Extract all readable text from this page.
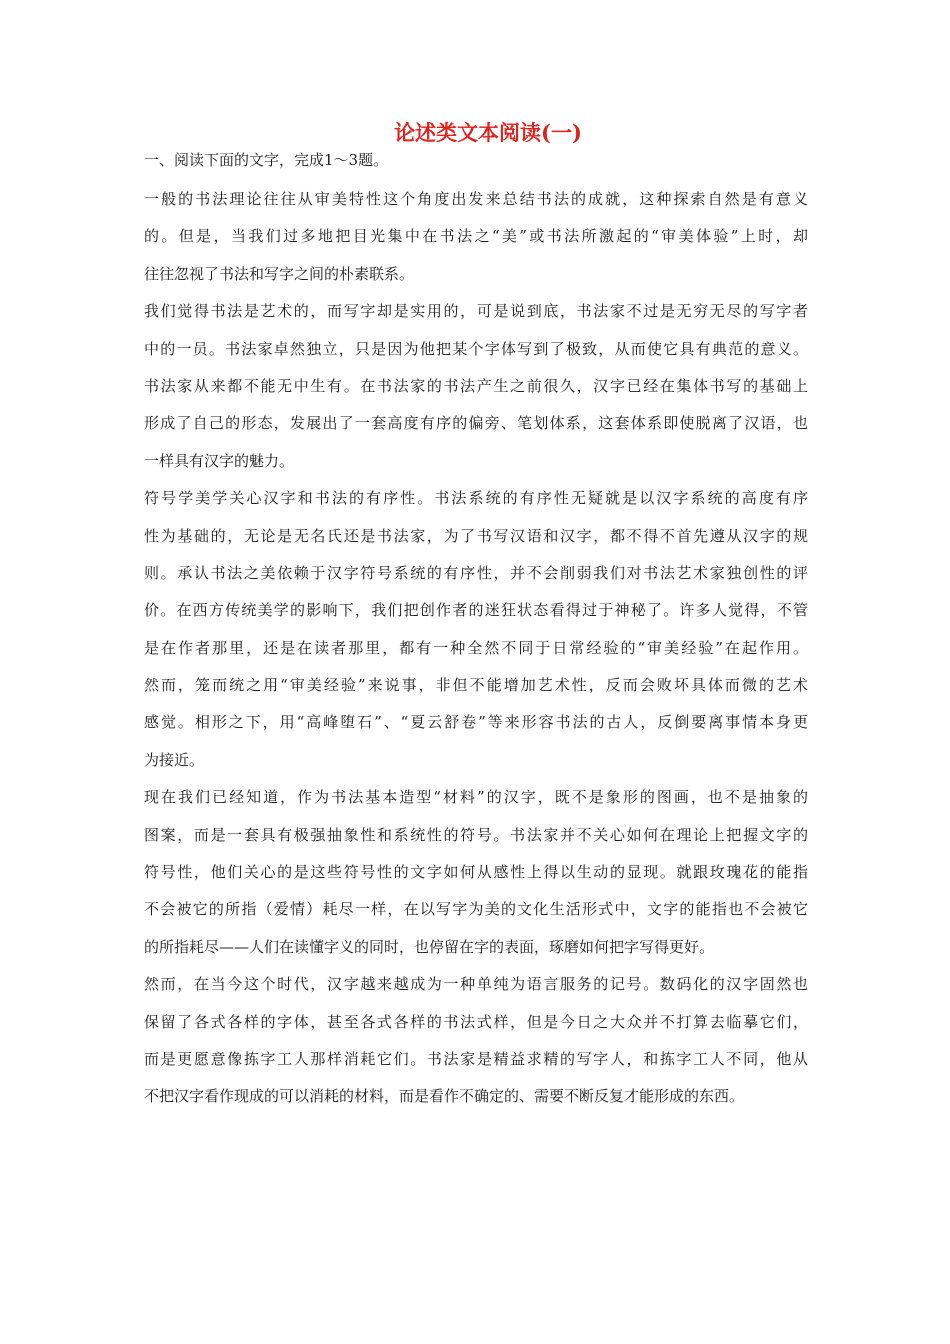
论述类文本阅读(一)

一、阅读下面的文字，完成1～3题。

一般的书法理论往往从审美特性这个角度出发来总结书法的成就，这种探索自然是有意义
的。但是，当我们过多地把目光集中在书法之“美”或书法所激起的“审美体验”上时，却
往往忽视了书法和写字之间的朴素联系。
我们觉得书法是艺术的，而写字却是实用的，可是说到底，书法家不过是无穷无尽的写字者
中的一员。书法家卓然独立，只是因为他把某个字体写到了极致，从而使它具有典范的意义。
书法家从来都不能无中生有。在书法家的书法产生之前很久，汉字已经在集体书写的基础上
形成了自己的形态，发展出了一套高度有序的偏旁、笔划体系，这套体系即使脱离了汉语，也
一样具有汉字的魅力。
符号学美学关心汉字和书法的有序性。书法系统的有序性无疑就是以汉字系统的高度有序
性为基础的，无论是无名氏还是书法家，为了书写汉语和汉字，都不得不首先遵从汉字的规
则。承认书法之美依赖于汉字符号系统的有序性，并不会削弱我们对书法艺术家独创性的评
价。在西方传统美学的影响下，我们把创作者的迷狂状态看得过于神秘了。许多人觉得，不管
是在作者那里，还是在读者那里，都有一种全然不同于日常经验的“审美经验”在起作用。
然而，笼而统之用“审美经验”来说事，非但不能增加艺术性，反而会败坏具体而微的艺术
感觉。相形之下，用“高峰堕石”、“夏云舒卷”等来形容书法的古人，反倒要离事情本身更
为接近。
现在我们已经知道，作为书法基本造型“材料”的汉字，既不是象形的图画，也不是抽象的
图案，而是一套具有极强抽象性和系统性的符号。书法家并不关心如何在理论上把握文字的
符号性，他们关心的是这些符号性的文字如何从感性上得以生动的显现。就跟玫瑰花的能指
不会被它的所指（爱情）耗尽一样，在以写字为美的文化生活形式中，文字的能指也不会被它
的所指耗尽——人们在读懂字义的同时，也停留在字的表面，琢磨如何把字写得更好。
然而，在当今这个时代，汉字越来越成为一种单纯为语言服务的记号。数码化的汉字固然也
保留了各式各样的字体，甚至各式各样的书法式样，但是今日之大众并不打算去临摹它们，
而是更愿意像拣字工人那样消耗它们。书法家是精益求精的写字人，和拣字工人不同，他从
不把汉字看作现成的可以消耗的材料，而是看作不确定的、需要不断反复才能形成的东西。
